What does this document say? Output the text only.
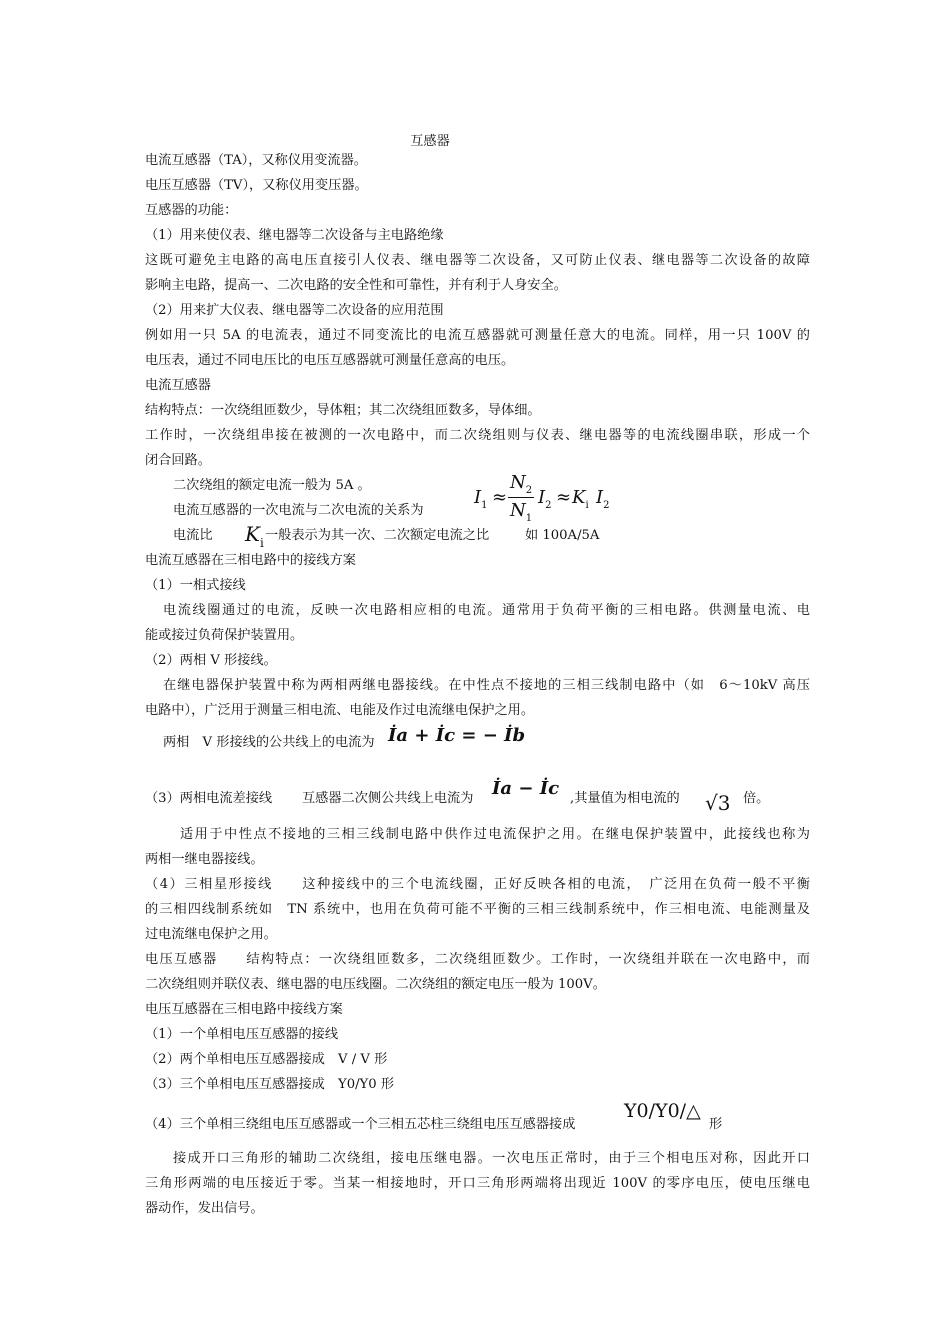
互感器
电流互感器（TA），又称仪用变流器。
电压互感器（TV），又称仪用变压器。
互感器的功能：
（1）用来使仪表、继电器等二次设备与主电路绝缘
这既可避免主电路的高电压直接引人仪表、继电器等二次设备，又可防止仪表、继电器等二次设备的故障
影响主电路，提高一、二次电路的安全性和可靠性，并有利于人身安全。
（2）用来扩大仪表、继电器等二次设备的应用范围
例如用一只 5A 的电流表，通过不同变流比的电流互感器就可测量任意大的电流。同样，用一只 100V 的
电压表，通过不同电压比的电压互感器就可测量任意高的电压。
电流互感器
结构特点：一次绕组匝数少，导体粗；其二次绕组匝数多，导体细。
工作时，一次绕组串接在被测的一次电路中，而二次绕组则与仪表、继电器等的电流线圈串联，形成一个
闭合回路。
二次绕组的额定电流一般为 5A 。
电流互感器的一次电流与二次电流的关系为
$I_1$ ≈
$N_2$
$N_1$
$I_2 \approx K_i$ $I_2$
电流比	$K_i$ 一般表示为其一次、二次额定电流之比	如 100A/5A
电流互感器在三相电路中的接线方案
（1）一相式接线
电流线圈通过的电流，反映一次电路相应相的电流。通常用于负荷平衡的三相电路。供测量电流、电
能或接过负荷保护装置用。
（2）两相 V 形接线。
在继电器保护装置中称为两相两继电器接线。在中性点不接地的三相三线制电路中（如　6～10kV 高压
电路中），广泛用于测量三相电流、电能及作过电流继电保护之用。
两相　V 形接线的公共线上的电流为 İa + İc = − İb
（3）两相电流差接线	互感器二次侧公共线上电流为	İa − İc ,其量值为相电流的	√3 倍。
适用于中性点不接地的三相三线制电路中供作过电流保护之用。在继电保护装置中，此接线也称为
两相一继电器接线。
（4）三相星形接线　　这种接线中的三个电流线圈，正好反映各相的电流，　广泛用在负荷一般不平衡
的三相四线制系统如　TN 系统中，也用在负荷可能不平衡的三相三线制系统中，作三相电流、电能测量及
过电流继电保护之用。
电压互感器　　结构特点：一次绕组匝数多，二次绕组匝数少。工作时，一次绕组并联在一次电路中，而
二次绕组则并联仪表、继电器的电压线圈。二次绕组的额定电压一般为 100V。
电压互感器在三相电路中接线方案
（1）一个单相电压互感器的接线
（2）两个单相电压互感器接成　V / V 形
（3）三个单相电压互感器接成　Y0/Y0 形
（4）三个单相三绕组电压互感器或一个三相五芯柱三绕组电压互感器接成
Y0/Y0/△
形
接成开口三角形的辅助二次绕组，接电压继电器。一次电压正常时，由于三个相电压对称，因此开口
三角形两端的电压接近于零。当某一相接地时，开口三角形两端将出现近 100V 的零序电压，使电压继电
器动作，发出信号。
